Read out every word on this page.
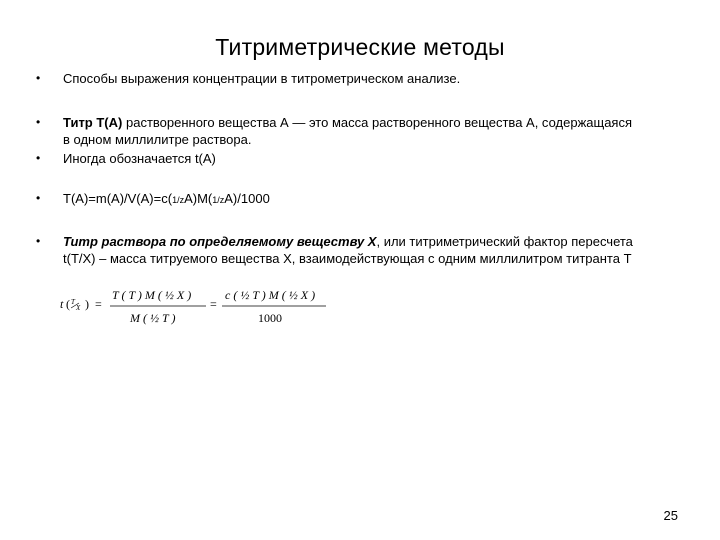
Титриметрические методы
• Способы выражения концентрации в титрометрическом анализе.
• Титр T(A) растворенного вещества А — это масса растворенного вещества А, содержащаяся
в одном миллилитре раствора.
• Иногда обозначается t(A)
• T(A)=m(A)/V(A)=c(1/zA)M(1/zA)/1000
• Титр раствора по определяемому веществу X, или титриметрический фактор пересчета
t(T/X) – масса титруемого вещества Х, взаимодействующая с одним миллилитром титранта Т
t ( T
X ) =
T ( T ) M ( ½ X )
M ( ½ T )
=
c ( ½ T ) M ( ½ X )
1000
25
